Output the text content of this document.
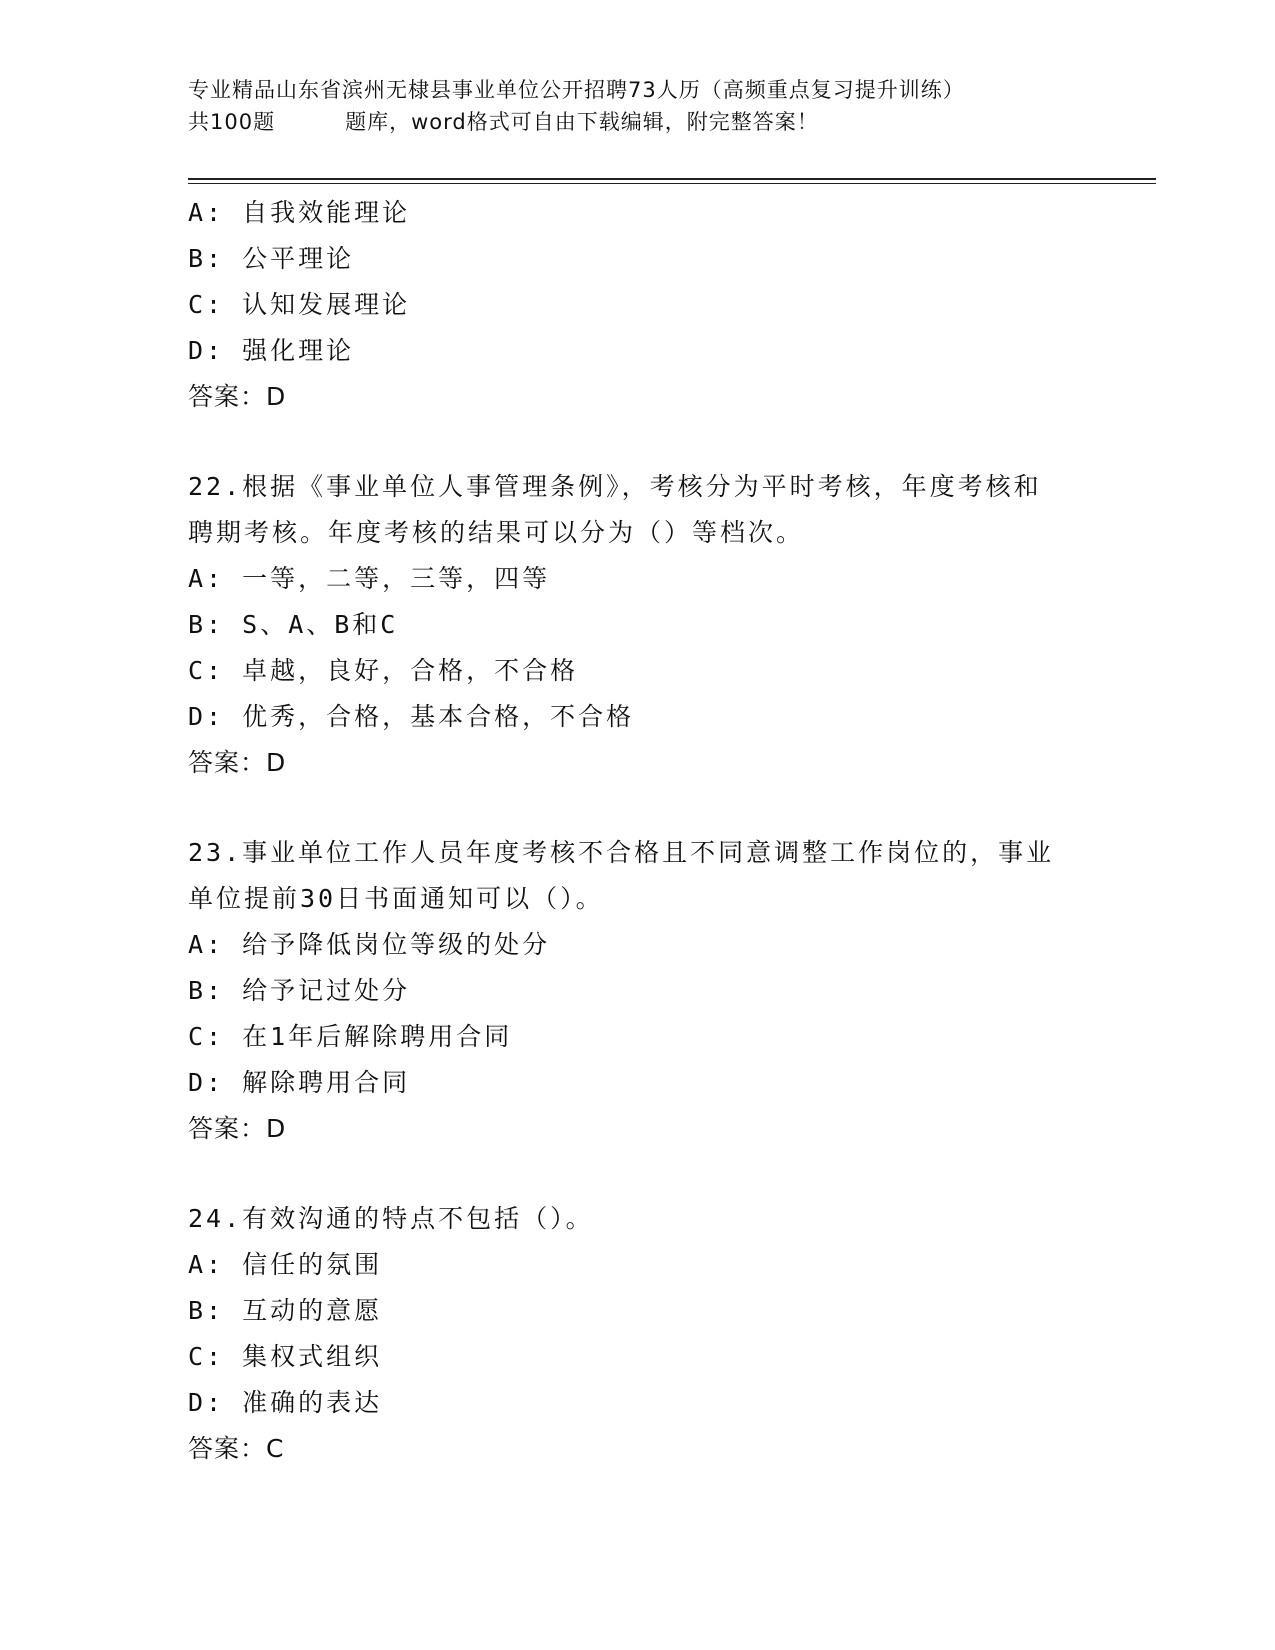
专业精品山东省滨州无棣县事业单位公开招聘73人历（高频重点复习提升训练）
共100题	题库，word格式可自由下载编辑，附完整答案！
A: 自我效能理论
B: 公平理论
C: 认知发展理论
D: 强化理论
答案：D
22.根据《事业单位人事管理条例》，考核分为平时考核，年度考核和
聘期考核。年度考核的结果可以分为（）等档次。
A: 一等，二等，三等，四等
B: S、A、B和C
C: 卓越，良好，合格，不合格
D: 优秀，合格，基本合格，不合格
答案：D
23.事业单位工作人员年度考核不合格且不同意调整工作岗位的，事业
单位提前30日书面通知可以（）。
A: 给予降低岗位等级的处分
B: 给予记过处分
C: 在1年后解除聘用合同
D: 解除聘用合同
答案：D
24.有效沟通的特点不包括（）。
A: 信任的氛围
B: 互动的意愿
C: 集权式组织
D: 准确的表达
答案：C
